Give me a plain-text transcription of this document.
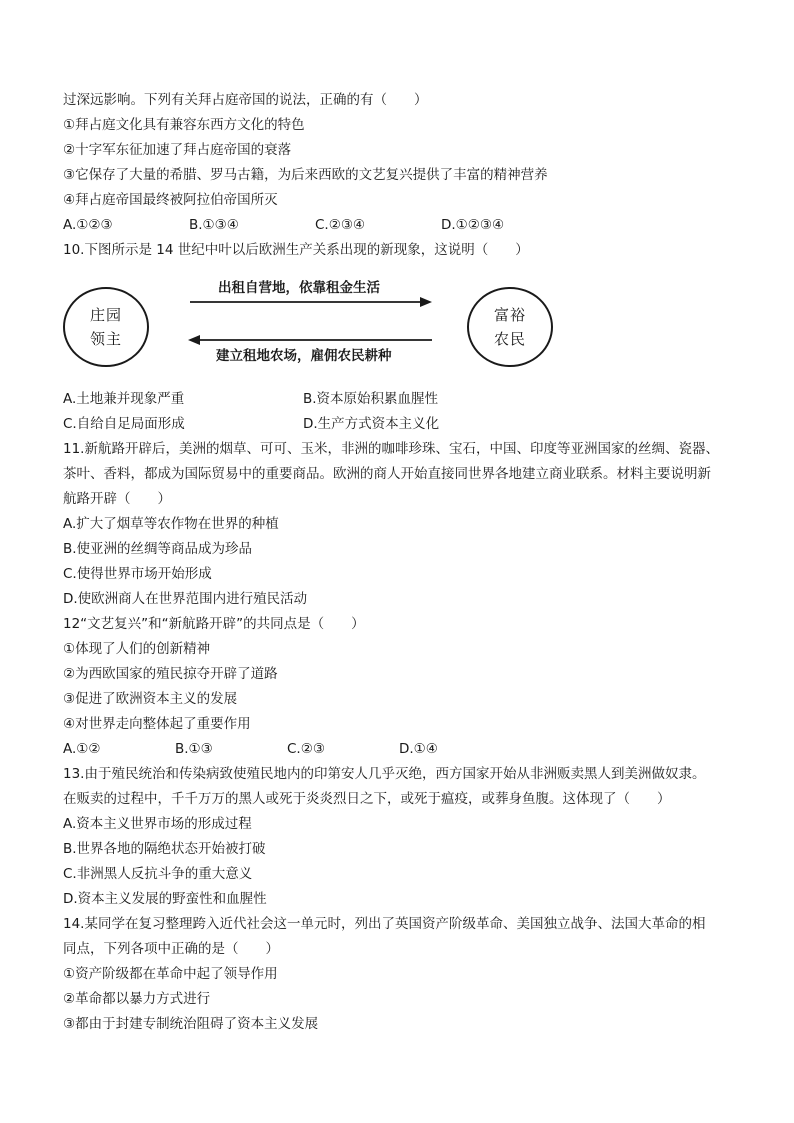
过深远影响。下列有关拜占庭帝国的说法，正确的有（　　）
①拜占庭文化具有兼容东西方文化的特色
②十字军东征加速了拜占庭帝国的衰落
③它保存了大量的希腊、罗马古籍，为后来西欧的文艺复兴提供了丰富的精神营养
④拜占庭帝国最终被阿拉伯帝国所灭
A.①②③	B.①③④	C.②③④	D.①②③④
10.下图所示是 14 世纪中叶以后欧洲生产关系出现的新现象，这说明（　　）
庄园
领主
富裕
农民
出租自营地，依靠租金生活
建立租地农场，雇佣农民耕种
A.土地兼并现象严重	B.资本原始积累血腥性
C.自给自足局面形成	D.生产方式资本主义化
11.新航路开辟后，美洲的烟草、可可、玉米，非洲的咖啡珍珠、宝石，中国、印度等亚洲国家的丝绸、瓷器、
茶叶、香料，都成为国际贸易中的重要商品。欧洲的商人开始直接同世界各地建立商业联系。材料主要说明新
航路开辟（　　）
A.扩大了烟草等农作物在世界的种植
B.使亚洲的丝绸等商品成为珍品
C.使得世界市场开始形成
D.使欧洲商人在世界范围内进行殖民活动
12“文艺复兴”和“新航路开辟”的共同点是（　　）
①体现了人们的创新精神
②为西欧国家的殖民掠夺开辟了道路
③促进了欧洲资本主义的发展
④对世界走向整体起了重要作用
A.①②	B.①③	C.②③	D.①④
13.由于殖民统治和传染病致使殖民地内的印第安人几乎灭绝，西方国家开始从非洲贩卖黑人到美洲做奴隶。
在贩卖的过程中，千千万万的黑人或死于炎炎烈日之下，或死于瘟疫，或葬身鱼腹。这体现了（　　）
A.资本主义世界市场的形成过程
B.世界各地的隔绝状态开始被打破
C.非洲黑人反抗斗争的重大意义
D.资本主义发展的野蛮性和血腥性
14.某同学在复习整理跨入近代社会这一单元时，列出了英国资产阶级革命、美国独立战争、法国大革命的相
同点，下列各项中正确的是（　　）
①资产阶级都在革命中起了领导作用
②革命都以暴力方式进行
③都由于封建专制统治阻碍了资本主义发展
